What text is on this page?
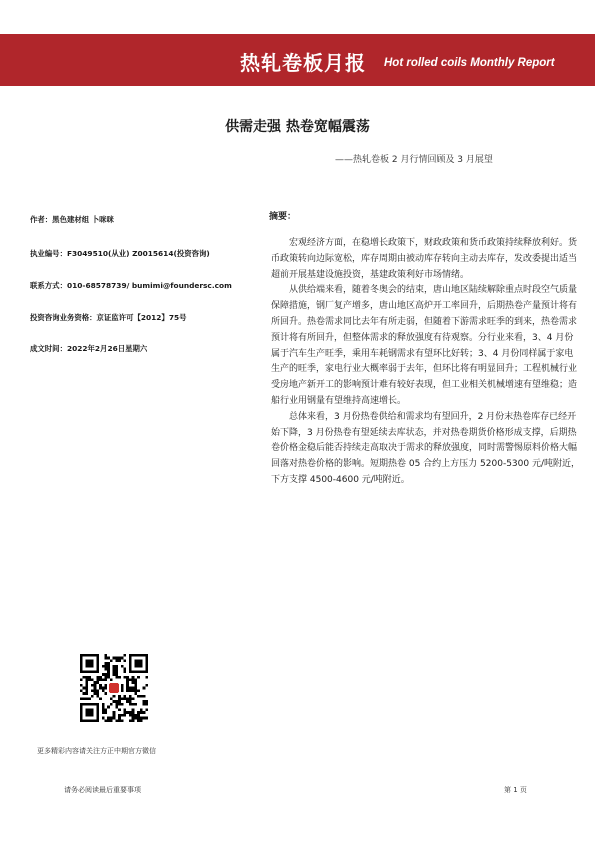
热轧卷板月报 Hot rolled coils Monthly Report
供需走强 热卷宽幅震荡
——热轧卷板 2 月行情回顾及 3 月展望
作者：黑色建材组 卜咪咪
执业编号：F3049510(从业) Z0015614(投资咨询)
联系方式：010-68578739/ bumimi@foundersc.com
投资咨询业务资格：京证监许可【2012】75号
成文时间：2022年2月26日星期六
摘要：

宏观经济方面，在稳增长政策下，财政政策和货币政策持续释放利好。货币政策转向边际宽松，库存周期由被动库存转向主动去库存，发改委提出适当超前开展基建设施投资，基建政策利好市场情绪。

从供给端来看，随着冬奥会的结束，唐山地区陆续解除重点时段空气质量保障措施，钢厂复产增多，唐山地区高炉开工率回升，后期热卷产量预计将有所回升。热卷需求同比去年有所走弱，但随着下游需求旺季的到来，热卷需求预计将有所回升，但整体需求的释放强度有待观察。分行业来看，3、4 月份属于汽车生产旺季，乘用车耗钢需求有望环比好转；3、4 月份同样属于家电生产的旺季，家电行业大概率弱于去年，但环比将有明显回升；工程机械行业受房地产新开工的影响预计难有较好表现，但工业相关机械增速有望维稳；造船行业用钢量有望维持高速增长。

总体来看，3 月份热卷供给和需求均有望回升，2 月份末热卷库存已经开始下降，3 月份热卷有望延续去库状态，并对热卷期货价格形成支撑，后期热卷价格金稳后能否持续走高取决于需求的释放强度，同时需警惕原料价格大幅回落对热卷价格的影响。短期热卷 05 合约上方压力 5200-5300 元/吨附近，下方支撑 4500-4600 元/吨附近。

更多精彩内容请关注方正中期官方微信
请务必阅读最后重要事项	第 1 页
